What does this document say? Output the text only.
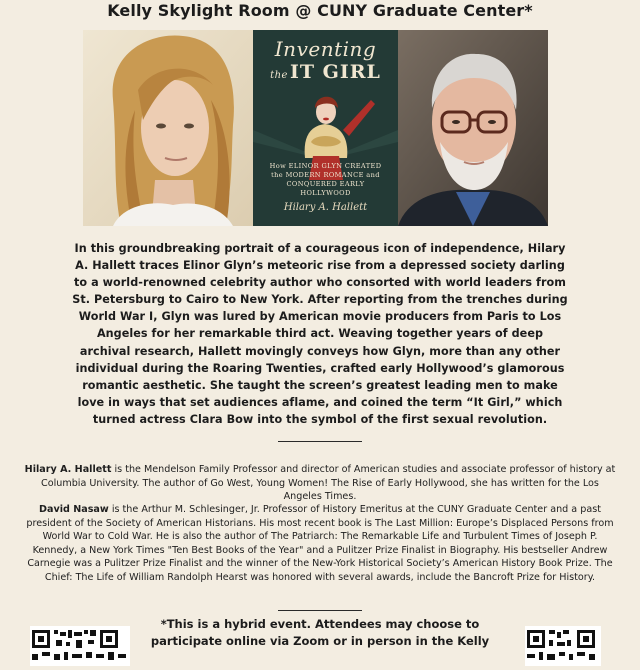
Kelly Skylight Room @ CUNY Graduate Center*
Inventing
the IT GIRL
How ELINOR GLYN CREATED the MODERN ROMANCE and CONQUERED EARLY HOLLYWOOD
Hilary A. Hallett
In this groundbreaking portrait of a courageous icon of independence, Hilary A. Hallett traces Elinor Glyn’s meteoric rise from a depressed society darling to a world-renowned celebrity author who consorted with world leaders from St. Petersburg to Cairo to New York. After reporting from the trenches during World War I, Glyn was lured by American movie producers from Paris to Los Angeles for her remarkable third act. Weaving together years of deep archival research, Hallett movingly conveys how Glyn, more than any other individual during the Roaring Twenties, crafted early Hollywood’s glamorous romantic aesthetic. She taught the screen’s greatest leading men to make love in ways that set audiences aflame, and coined the term “It Girl,” which turned actress Clara Bow into the symbol of the first sexual revolution.
Hilary A. Hallett is the Mendelson Family Professor and director of American studies and associate professor of history at Columbia University. The author of Go West, Young Women! The Rise of Early Hollywood, she has written for the Los Angeles Times.
David Nasaw is the Arthur M. Schlesinger, Jr. Professor of History Emeritus at the CUNY Graduate Center and a past president of the Society of American Historians. His most recent book is The Last Million: Europe’s Displaced Persons from World War to Cold War. He is also the author of The Patriarch: The Remarkable Life and Turbulent Times of Joseph P. Kennedy, a New York Times "Ten Best Books of the Year" and a Pulitzer Prize Finalist in Biography. His bestseller Andrew Carnegie was a Pulitzer Prize Finalist and the winner of the New-York Historical Society’s American History Book Prize. The Chief: The Life of William Randolph Hearst was honored with several awards, include the Bancroft Prize for History.
*This is a hybrid event. Attendees may choose to participate online via Zoom or in person in the Kelly
